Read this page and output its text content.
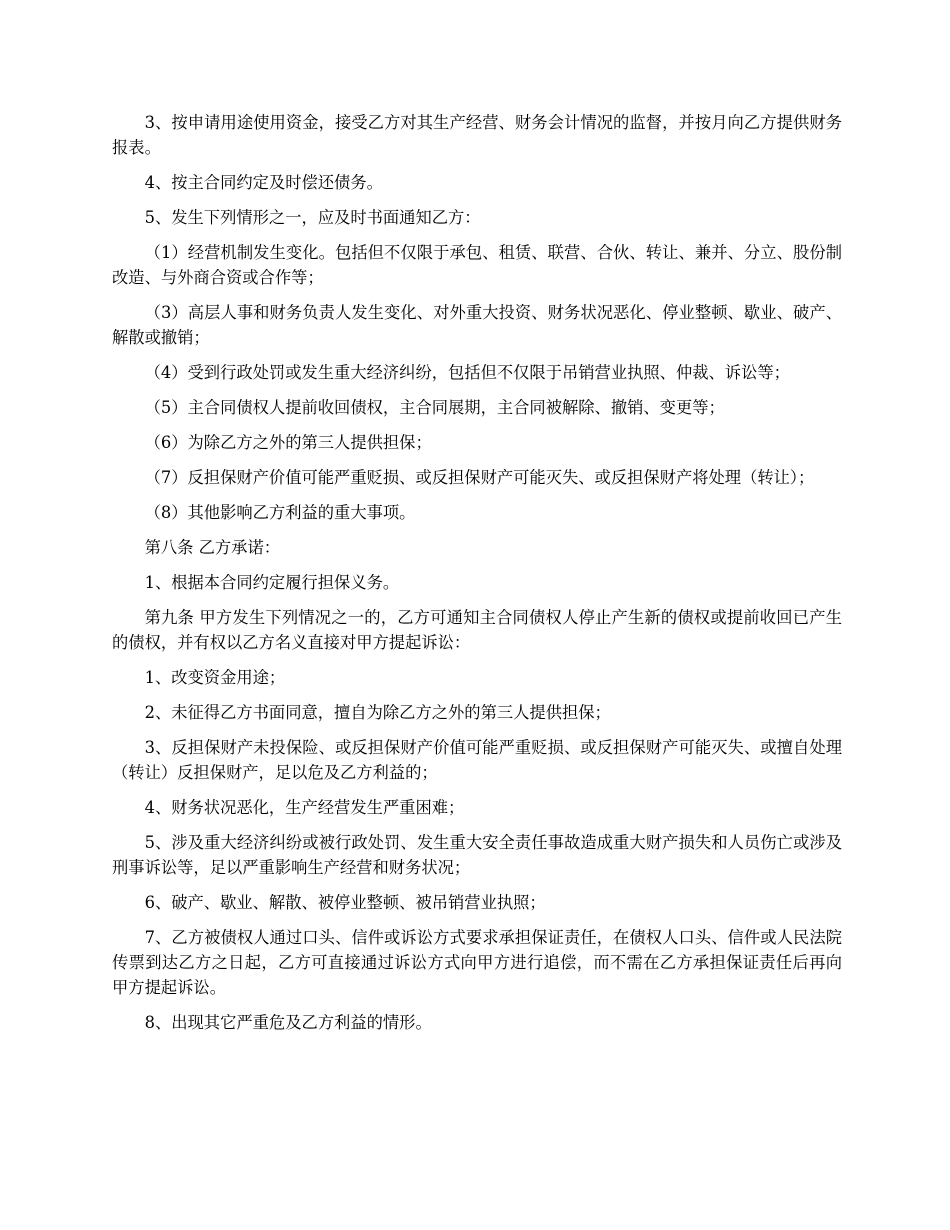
3、按申请用途使用资金，接受乙方对其生产经营、财务会计情况的监督，并按月向乙方提供财务报表。

4、按主合同约定及时偿还债务。

5、发生下列情形之一，应及时书面通知乙方：

（1）经营机制发生变化。包括但不仅限于承包、租赁、联营、合伙、转让、兼并、分立、股份制改造、与外商合资或合作等；

（3）高层人事和财务负责人发生变化、对外重大投资、财务状况恶化、停业整顿、歇业、破产、解散或撤销；

（4）受到行政处罚或发生重大经济纠纷，包括但不仅限于吊销营业执照、仲裁、诉讼等；

（5）主合同债权人提前收回债权，主合同展期，主合同被解除、撤销、变更等；

（6）为除乙方之外的第三人提供担保；

（7）反担保财产价值可能严重贬损、或反担保财产可能灭失、或反担保财产将处理（转让）；

（8）其他影响乙方利益的重大事项。

第八条 乙方承诺：

1、根据本合同约定履行担保义务。

第九条 甲方发生下列情况之一的，乙方可通知主合同债权人停止产生新的债权或提前收回已产生的债权，并有权以乙方名义直接对甲方提起诉讼：

1、改变资金用途；

2、未征得乙方书面同意，擅自为除乙方之外的第三人提供担保；

3、反担保财产未投保险、或反担保财产价值可能严重贬损、或反担保财产可能灭失、或擅自处理（转让）反担保财产，足以危及乙方利益的；

4、财务状况恶化，生产经营发生严重困难；

5、涉及重大经济纠纷或被行政处罚、发生重大安全责任事故造成重大财产损失和人员伤亡或涉及刑事诉讼等，足以严重影响生产经营和财务状况；

6、破产、歇业、解散、被停业整顿、被吊销营业执照；

7、乙方被债权人通过口头、信件或诉讼方式要求承担保证责任，在债权人口头、信件或人民法院传票到达乙方之日起，乙方可直接通过诉讼方式向甲方进行追偿，而不需在乙方承担保证责任后再向甲方提起诉讼。

8、出现其它严重危及乙方利益的情形。
